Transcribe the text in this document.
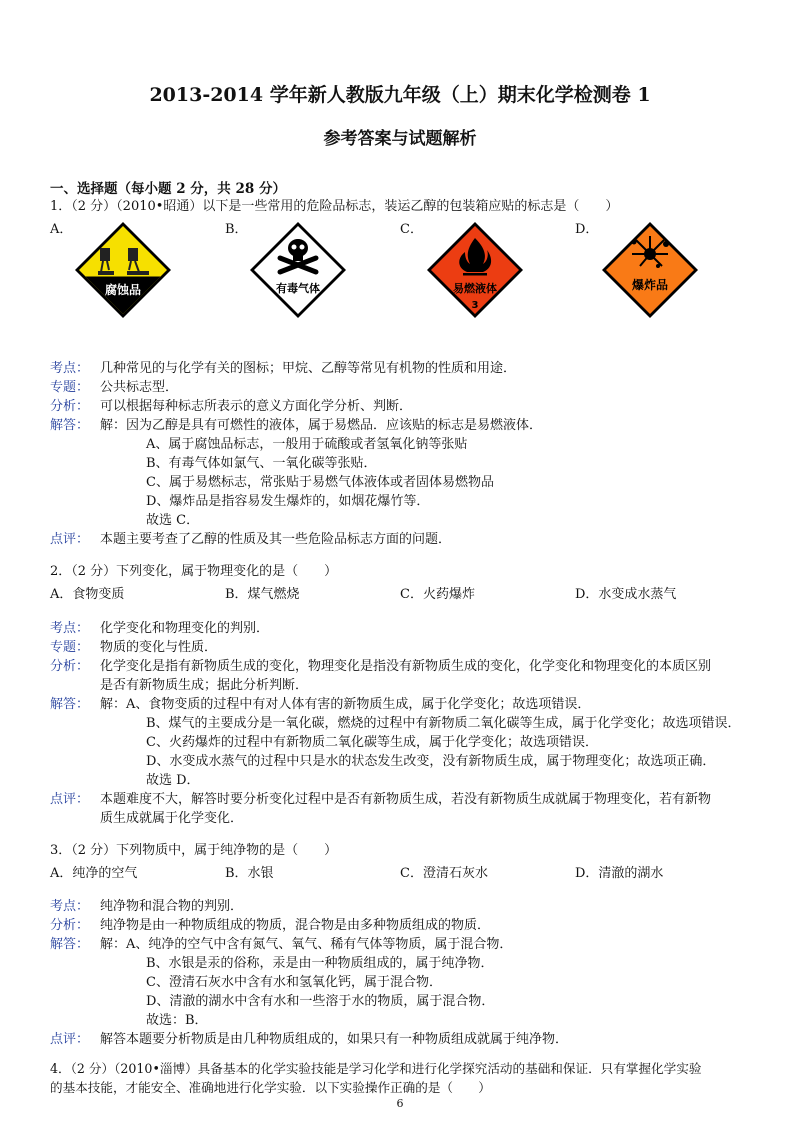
2013-2014 学年新人教版九年级（上）期末化学检测卷 1
参考答案与试题解析
一、选择题（每小题 2 分，共 28 分）
1．（2 分）（2010•昭通）以下是一些常用的危险品标志，装运乙醇的包装箱应贴的标志是（　　）
A．	B．	C．	D．
腐蚀品	有毒气体	易燃液体
3
爆炸品
考点： 几种常见的与化学有关的图标；甲烷、乙醇等常见有机物的性质和用途．
专题： 公共标志型．
分析： 可以根据每种标志所表示的意义方面化学分析、判断．
解答： 解：因为乙醇是具有可燃性的液体，属于易燃品．应该贴的标志是易燃液体．
A、属于腐蚀品标志，一般用于硫酸或者氢氧化钠等张贴
B、有毒气体如氯气、一氧化碳等张贴．
C、属于易燃标志，常张贴于易燃气体液体或者固体易燃物品
D、爆炸品是指容易发生爆炸的，如烟花爆竹等．
故选 C．
点评： 本题主要考查了乙醇的性质及其一些危险品标志方面的问题．
2．（2 分）下列变化，属于物理变化的是（　　）
A．食物变质	B．煤气燃烧	C．火药爆炸	D．水变成水蒸气
考点： 化学变化和物理变化的判别．
专题： 物质的变化与性质．
分析： 化学变化是指有新物质生成的变化，物理变化是指没有新物质生成的变化，化学变化和物理变化的本质区别
是否有新物质生成；据此分析判断．
解答： 解：A、食物变质的过程中有对人体有害的新物质生成，属于化学变化；故选项错误．
B、煤气的主要成分是一氧化碳，燃烧的过程中有新物质二氧化碳等生成，属于化学变化；故选项错误．
C、火药爆炸的过程中有新物质二氧化碳等生成，属于化学变化；故选项错误．
D、水变成水蒸气的过程中只是水的状态发生改变，没有新物质生成，属于物理变化；故选项正确．
故选 D．
点评： 本题难度不大，解答时要分析变化过程中是否有新物质生成，若没有新物质生成就属于物理变化，若有新物
质生成就属于化学变化．
3．（2 分）下列物质中，属于纯净物的是（　　）
A．纯净的空气	B．水银	C．澄清石灰水	D．清澈的湖水
考点： 纯净物和混合物的判别．
分析： 纯净物是由一种物质组成的物质，混合物是由多种物质组成的物质．
解答： 解：A、纯净的空气中含有氮气、氧气、稀有气体等物质，属于混合物．
B、水银是汞的俗称，汞是由一种物质组成的，属于纯净物．
C、澄清石灰水中含有水和氢氧化钙，属于混合物．
D、清澈的湖水中含有水和一些溶于水的物质，属于混合物．
故选：B．
点评： 解答本题要分析物质是由几种物质组成的，如果只有一种物质组成就属于纯净物．
4．（2 分）（2010•淄博）具备基本的化学实验技能是学习化学和进行化学探究活动的基础和保证．只有掌握化学实验
的基本技能，才能安全、准确地进行化学实验．以下实验操作正确的是（　　）
6
